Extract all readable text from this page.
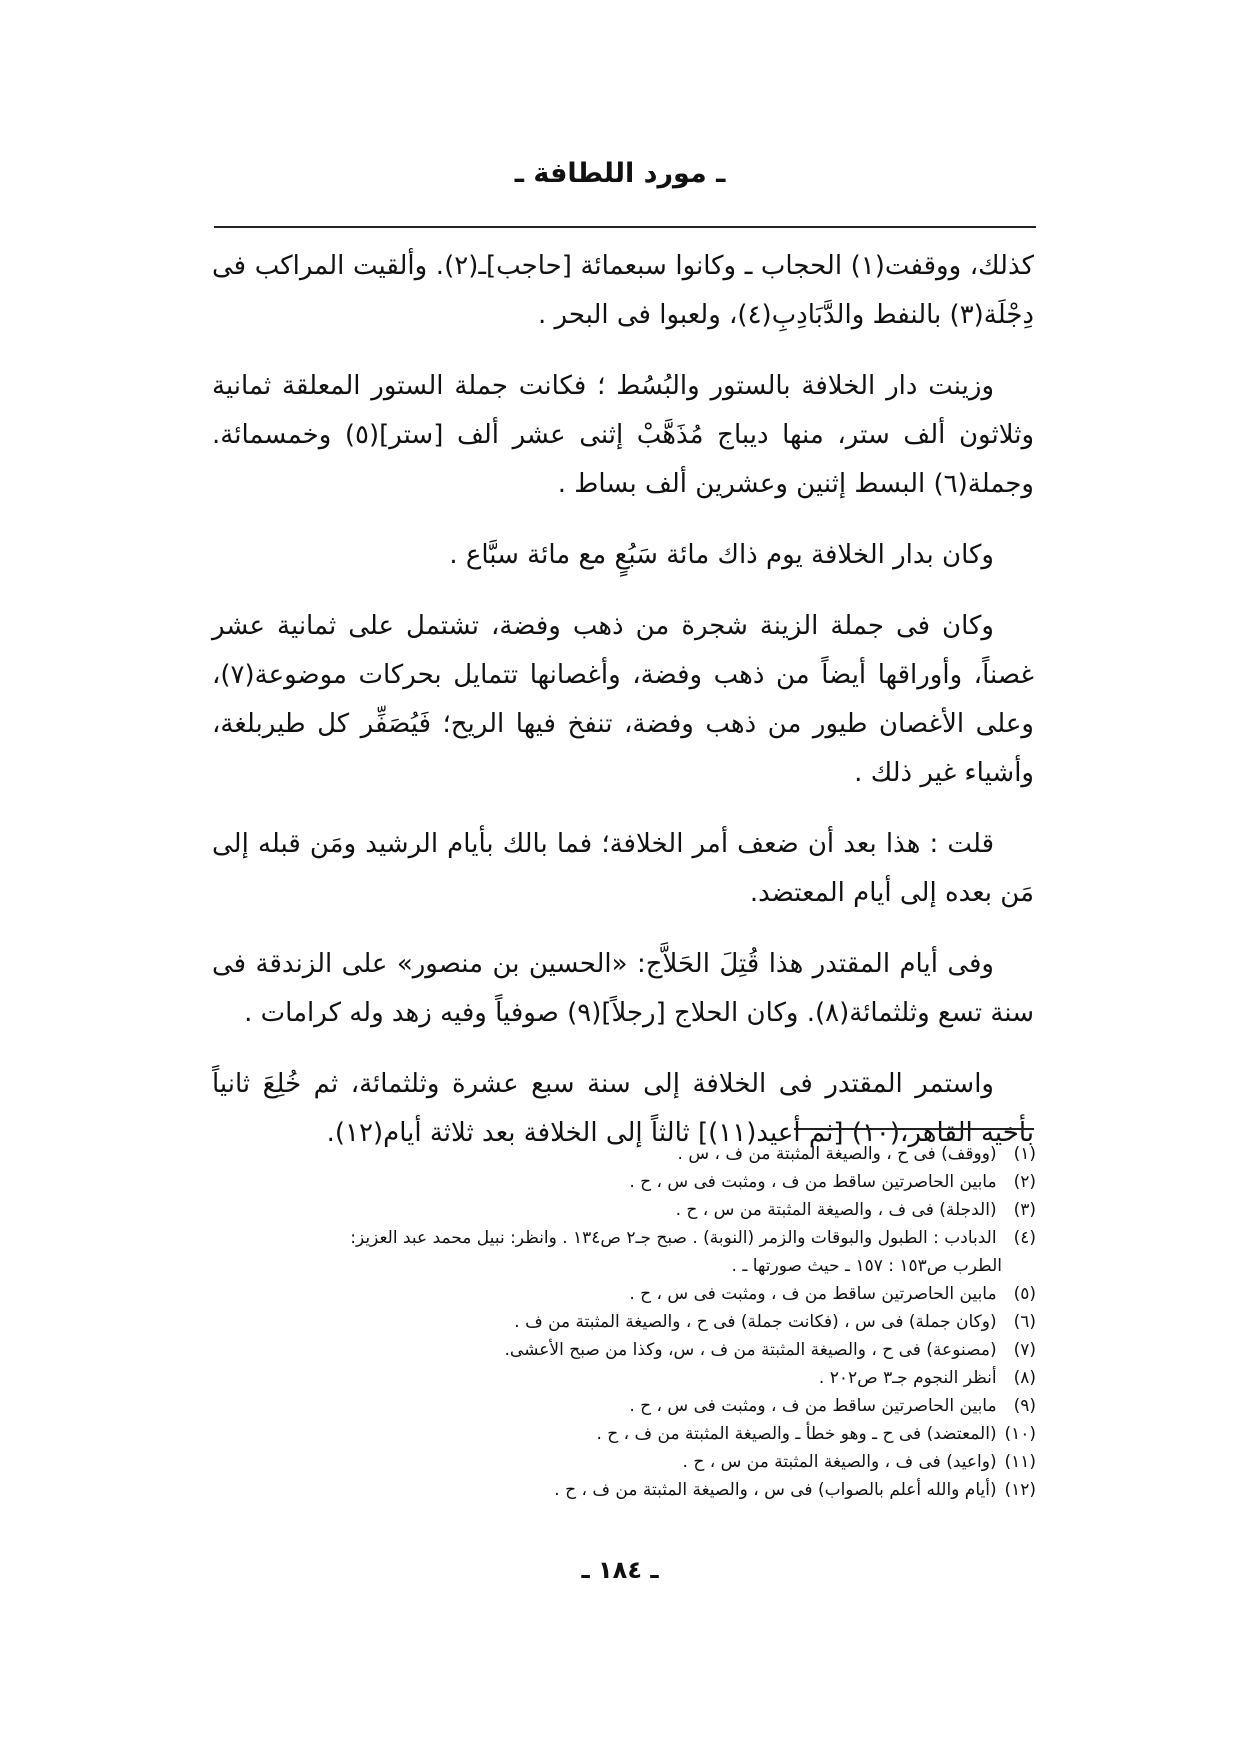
ـ مورد اللطافة ـ

كذلك، ووقفت(١) الحجاب ـ وكانوا سبعمائة [حاجب]ـ(٢). وألقيت المراكب فى دِجْلَة(٣) بالنفط والدَّبَادِبِ(٤)، ولعبوا فى البحر .

وزينت دار الخلافة بالستور والبُسُط ؛ فكانت جملة الستور المعلقة ثمانية وثلاثون ألف ستر، منها ديباج مُذَهَّبْ إثنى عشر ألف [ستر](٥) وخمسمائة. وجملة(٦) البسط إثنين وعشرين ألف بساط .

وكان بدار الخلافة يوم ذاك مائة سَبُعٍ مع مائة سبَّاع .

وكان فى جملة الزينة شجرة من ذهب وفضة، تشتمل على ثمانية عشر غصناً، وأوراقها أيضاً من ذهب وفضة، وأغصانها تتمايل بحركات موضوعة(٧)، وعلى الأغصان طيور من ذهب وفضة، تنفخ فيها الريح؛ فَيُصَفِّر كل طيربلغة، وأشياء غير ذلك .

قلت : هذا بعد أن ضعف أمر الخلافة؛ فما بالك بأيام الرشيد ومَن قبله إلى مَن بعده إلى أيام المعتضد.

وفى أيام المقتدر هذا قُتِلَ الحَلاَّج: «الحسين بن منصور» على الزندقة فى سنة تسع وثلثمائة(٨). وكان الحلاج [رجلاً](٩) صوفياً وفيه زهد وله كرامات .

واستمر المقتدر فى الخلافة إلى سنة سبع عشرة وثلثمائة، ثم خُلِعَ ثانياً بأخيه القاهر،(١٠) [ثم أعيد(١١)] ثالثاً إلى الخلافة بعد ثلاثة أيام(١٢).

(١) (ووقف) فى ح ، والصيغة المثبتة من ف ، س .

(٢) مابين الحاصرتين ساقط من ف ، ومثبت فى س ، ح .

(٣) (الدجلة) فى ف ، والصيغة المثبتة من س ، ح .

(٤) الدبادب : الطبول والبوقات والزمر (النوبة) . صبح جـ٢ ص١٣٤ . وانظر: نبيل محمد عبد العزيز:

الطرب ص١٥٣ : ١٥٧ ـ حيث صورتها ـ .

(٥) مابين الحاصرتين ساقط من ف ، ومثبت فى س ، ح .

(٦) (وكان جملة) فى س ، (فكانت جملة) فى ح ، والصيغة المثبتة من ف .

(٧) (مصنوعة) فى ح ، والصيغة المثبتة من ف ، س، وكذا من صبح الأعشى.

(٨) أنظر النجوم جـ٣ ص٢٠٢ .

(٩) مابين الحاصرتين ساقط من ف ، ومثبت فى س ، ح .

(١٠) (المعتضد) فى ح ـ وهو خطأ ـ والصيغة المثبتة من ف ، ح .

(١١) (واعيد) فى ف ، والصيغة المثبتة من س ، ح .

(١٢) (أيام والله أعلم بالصواب) فى س ، والصيغة المثبتة من ف ، ح .

ـ ١٨٤ ـ
